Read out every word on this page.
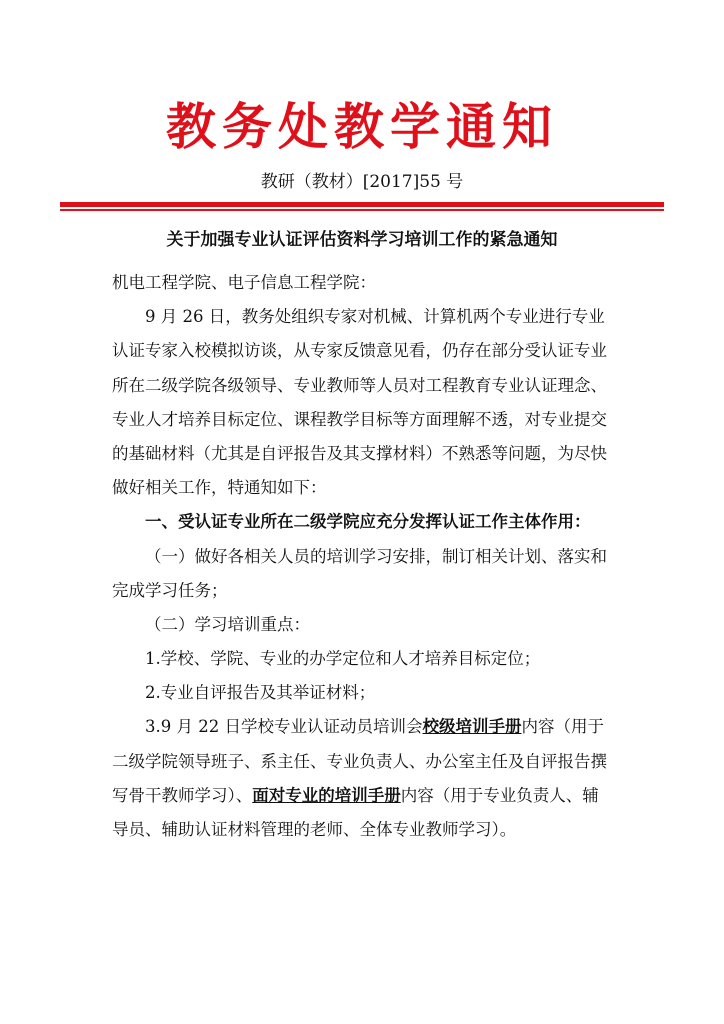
教务处教学通知
教研（教材）[2017]55 号
关于加强专业认证评估资料学习培训工作的紧急通知
机电工程学院、电子信息工程学院：
9 月 26 日，教务处组织专家对机械、计算机两个专业进行专业
认证专家入校模拟访谈，从专家反馈意见看，仍存在部分受认证专业
所在二级学院各级领导、专业教师等人员对工程教育专业认证理念、
专业人才培养目标定位、课程教学目标等方面理解不透，对专业提交
的基础材料（尤其是自评报告及其支撑材料）不熟悉等问题，为尽快
做好相关工作，特通知如下：
一、受认证专业所在二级学院应充分发挥认证工作主体作用：
（一）做好各相关人员的培训学习安排，制订相关计划、落实和
完成学习任务；
（二）学习培训重点：
1.学校、学院、专业的办学定位和人才培养目标定位；
2.专业自评报告及其举证材料；
3.9 月 22 日学校专业认证动员培训会校级培训手册内容（用于
二级学院领导班子、系主任、专业负责人、办公室主任及自评报告撰
写骨干教师学习）、面对专业的培训手册内容（用于专业负责人、辅
导员、辅助认证材料管理的老师、全体专业教师学习）。
